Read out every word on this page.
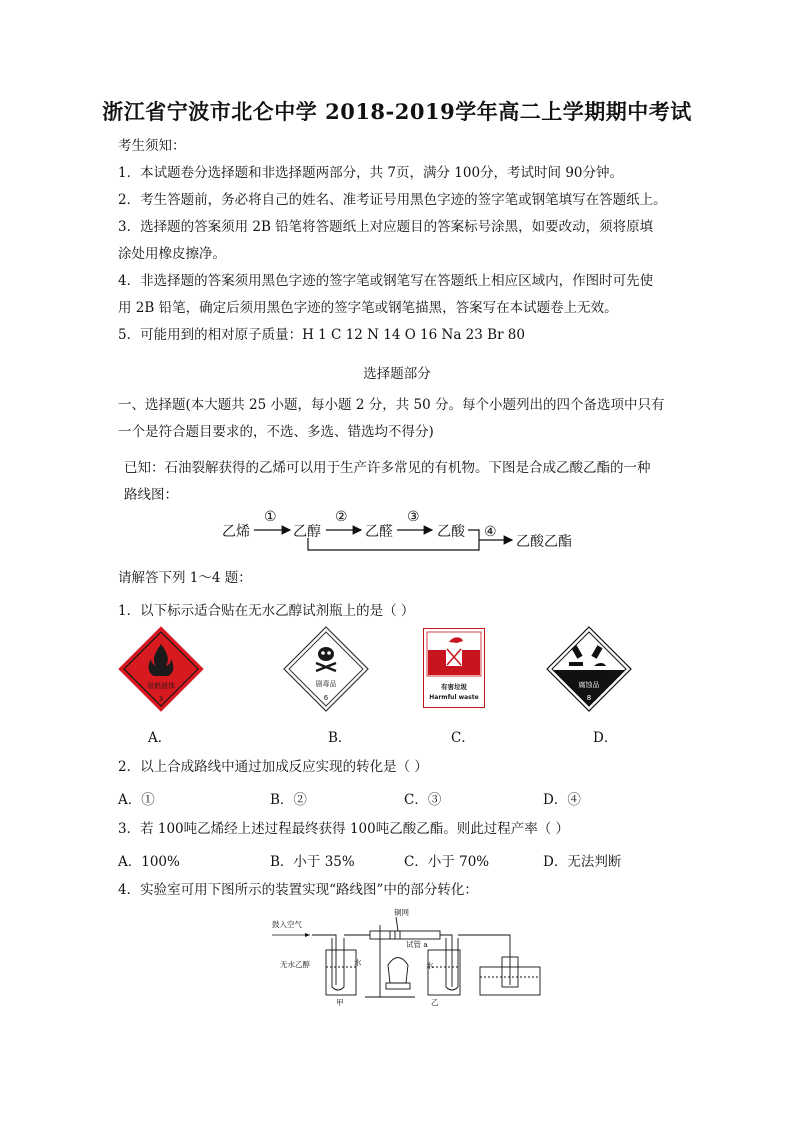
浙江省宁波市北仑中学 2018-2019学年高二上学期期中考试
考生须知：
1．本试题卷分选择题和非选择题两部分，共 7页，满分 100分，考试时间 90分钟。
2．考生答题前，务必将自己的姓名、准考证号用黑色字迹的签字笔或钢笔填写在答题纸上。
3．选择题的答案须用 2B 铅笔将答题纸上对应题目的答案标号涂黑，如要改动，须将原填
涂处用橡皮擦净。
4．非选择题的答案须用黑色字迹的签字笔或钢笔写在答题纸上相应区域内，作图时可先使
用 2B 铅笔，确定后须用黑色字迹的签字笔或钢笔描黑，答案写在本试题卷上无效。
5．可能用到的相对原子质量：H 1 C 12 N 14 O 16 Na 23 Br 80
选择题部分
一、选择题(本大题共 25 小题，每小题 2 分，共 50 分。每个小题列出的四个备选项中只有
一个是符合题目要求的，不选、多选、错选均不得分)
已知：石油裂解获得的乙烯可以用于生产许多常见的有机物。下图是合成乙酸乙酯的一种
路线图：
乙烯	乙醇	乙醛	乙酸
乙酸乙酯
①	②	③
④
请解答下列 1～4 题：
1．以下标示适合贴在无水乙醇试剂瓶上的是（ ）
易燃液体
3
剧毒品
6
有害垃圾
Harmful waste
腐蚀品
8
A．	B．	C．	D．
2．以上合成路线中通过加成反应实现的转化是（ ）
A．①	B．②	C．③	D．④
3．若 100吨乙烯经上述过程最终获得 100吨乙酸乙酯。则此过程产率（ ）
A．100%	B．小于 35%	C．小于 70%	D．无法判断
4．实验室可用下图所示的装置实现“路线图”中的部分转化：
鼓入空气
铜网
试管 a
无水乙醇	水	水
甲	乙
